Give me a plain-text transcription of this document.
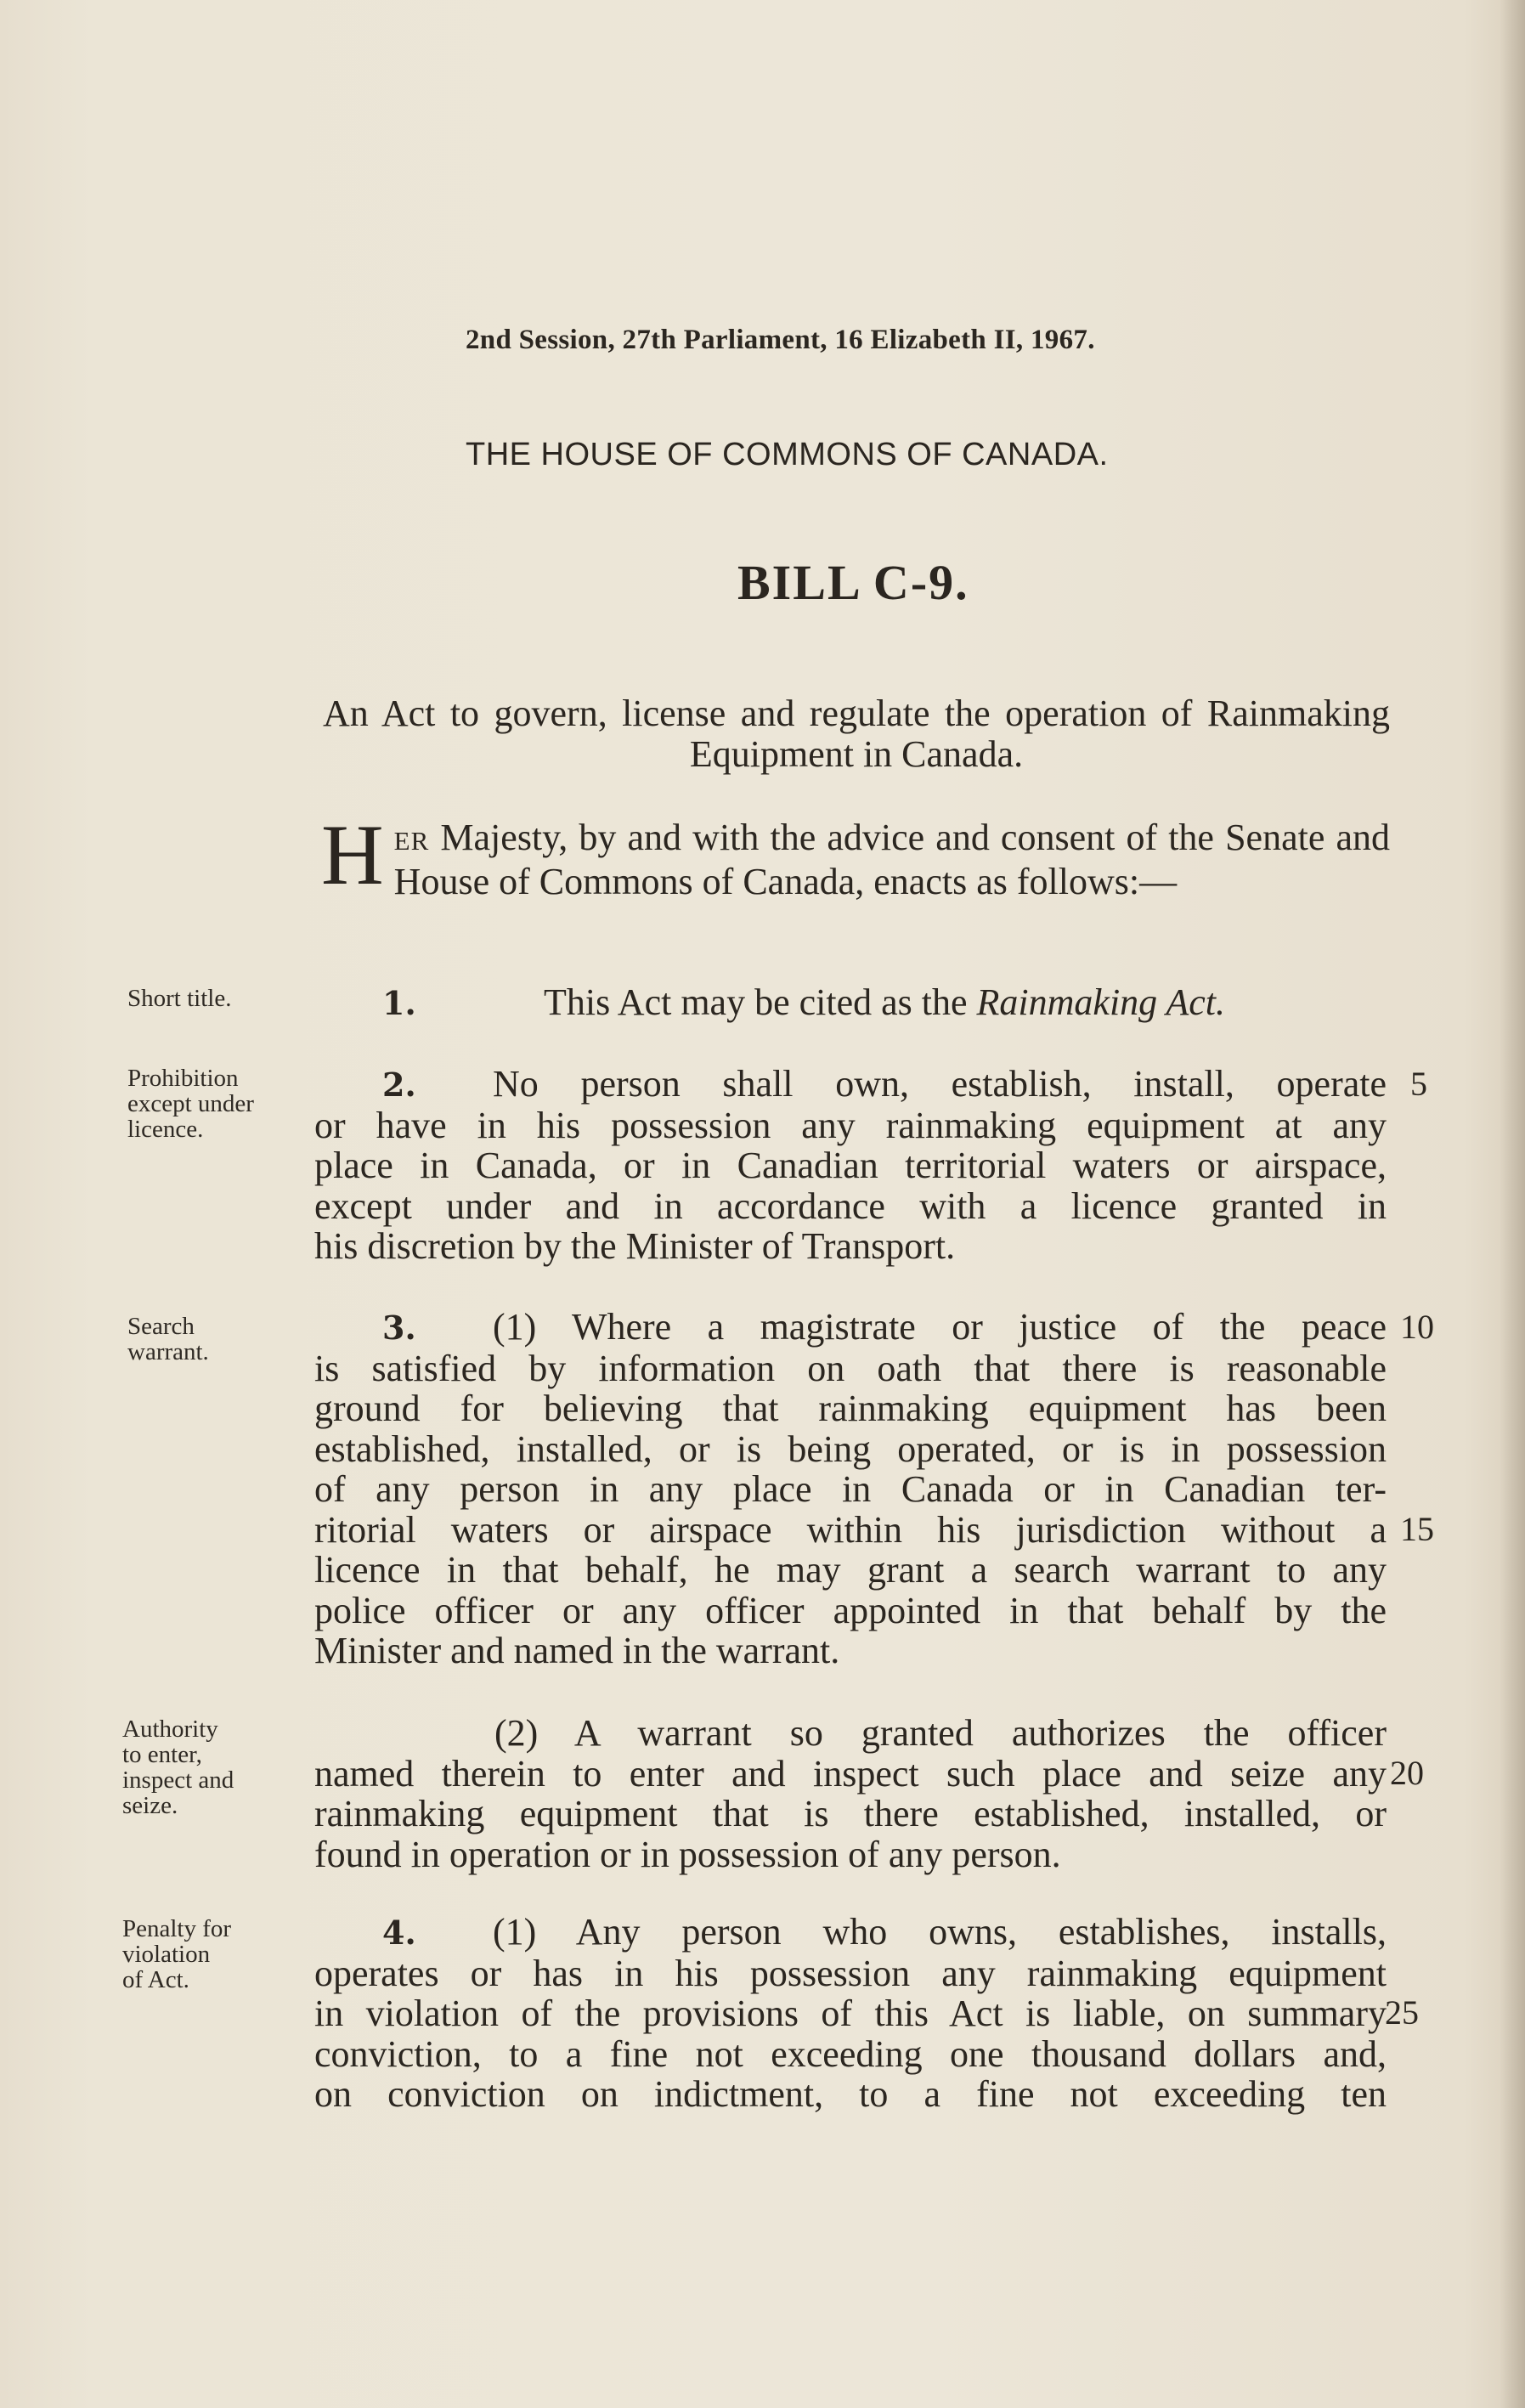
2nd Session, 27th Parliament, 16 Elizabeth II, 1967.
THE HOUSE OF COMMONS OF CANADA.
BILL C-9.
An Act to govern, license and regulate the operation of Rainmaking Equipment in Canada.
HER Majesty, by and with the advice and consent of the Senate and House of Commons of Canada, enacts as follows:—
Short title.
Prohibition
except under
licence.
Search
warrant.
Authority
to enter,
inspect and
seize.
Penalty for
violation
of Act.
1.	This Act may be cited as the Rainmaking Act.
2. No person shall own, establish, install, operate
or have in his possession any rainmaking equipment at any
place in Canada, or in Canadian territorial waters or airspace,
except under and in accordance with a licence granted in
his discretion by the Minister of Transport.
3. (1) Where a magistrate or justice of the peace
is satisfied by information on oath that there is reasonable
ground for believing that rainmaking equipment has been
established, installed, or is being operated, or is in possession
of any person in any place in Canada or in Canadian ter-
ritorial waters or airspace within his jurisdiction without a
licence in that behalf, he may grant a search warrant to any
police officer or any officer appointed in that behalf by the
Minister and named in the warrant.
(2) A warrant so granted authorizes the officer
named therein to enter and inspect such place and seize any
rainmaking equipment that is there established, installed, or
found in operation or in possession of any person.
4. (1) Any person who owns, establishes, installs,
operates or has in his possession any rainmaking equipment
in violation of the provisions of this Act is liable, on summary
conviction, to a fine not exceeding one thousand dollars and,
on conviction on indictment, to a fine not exceeding ten
5
10
15
20
25
